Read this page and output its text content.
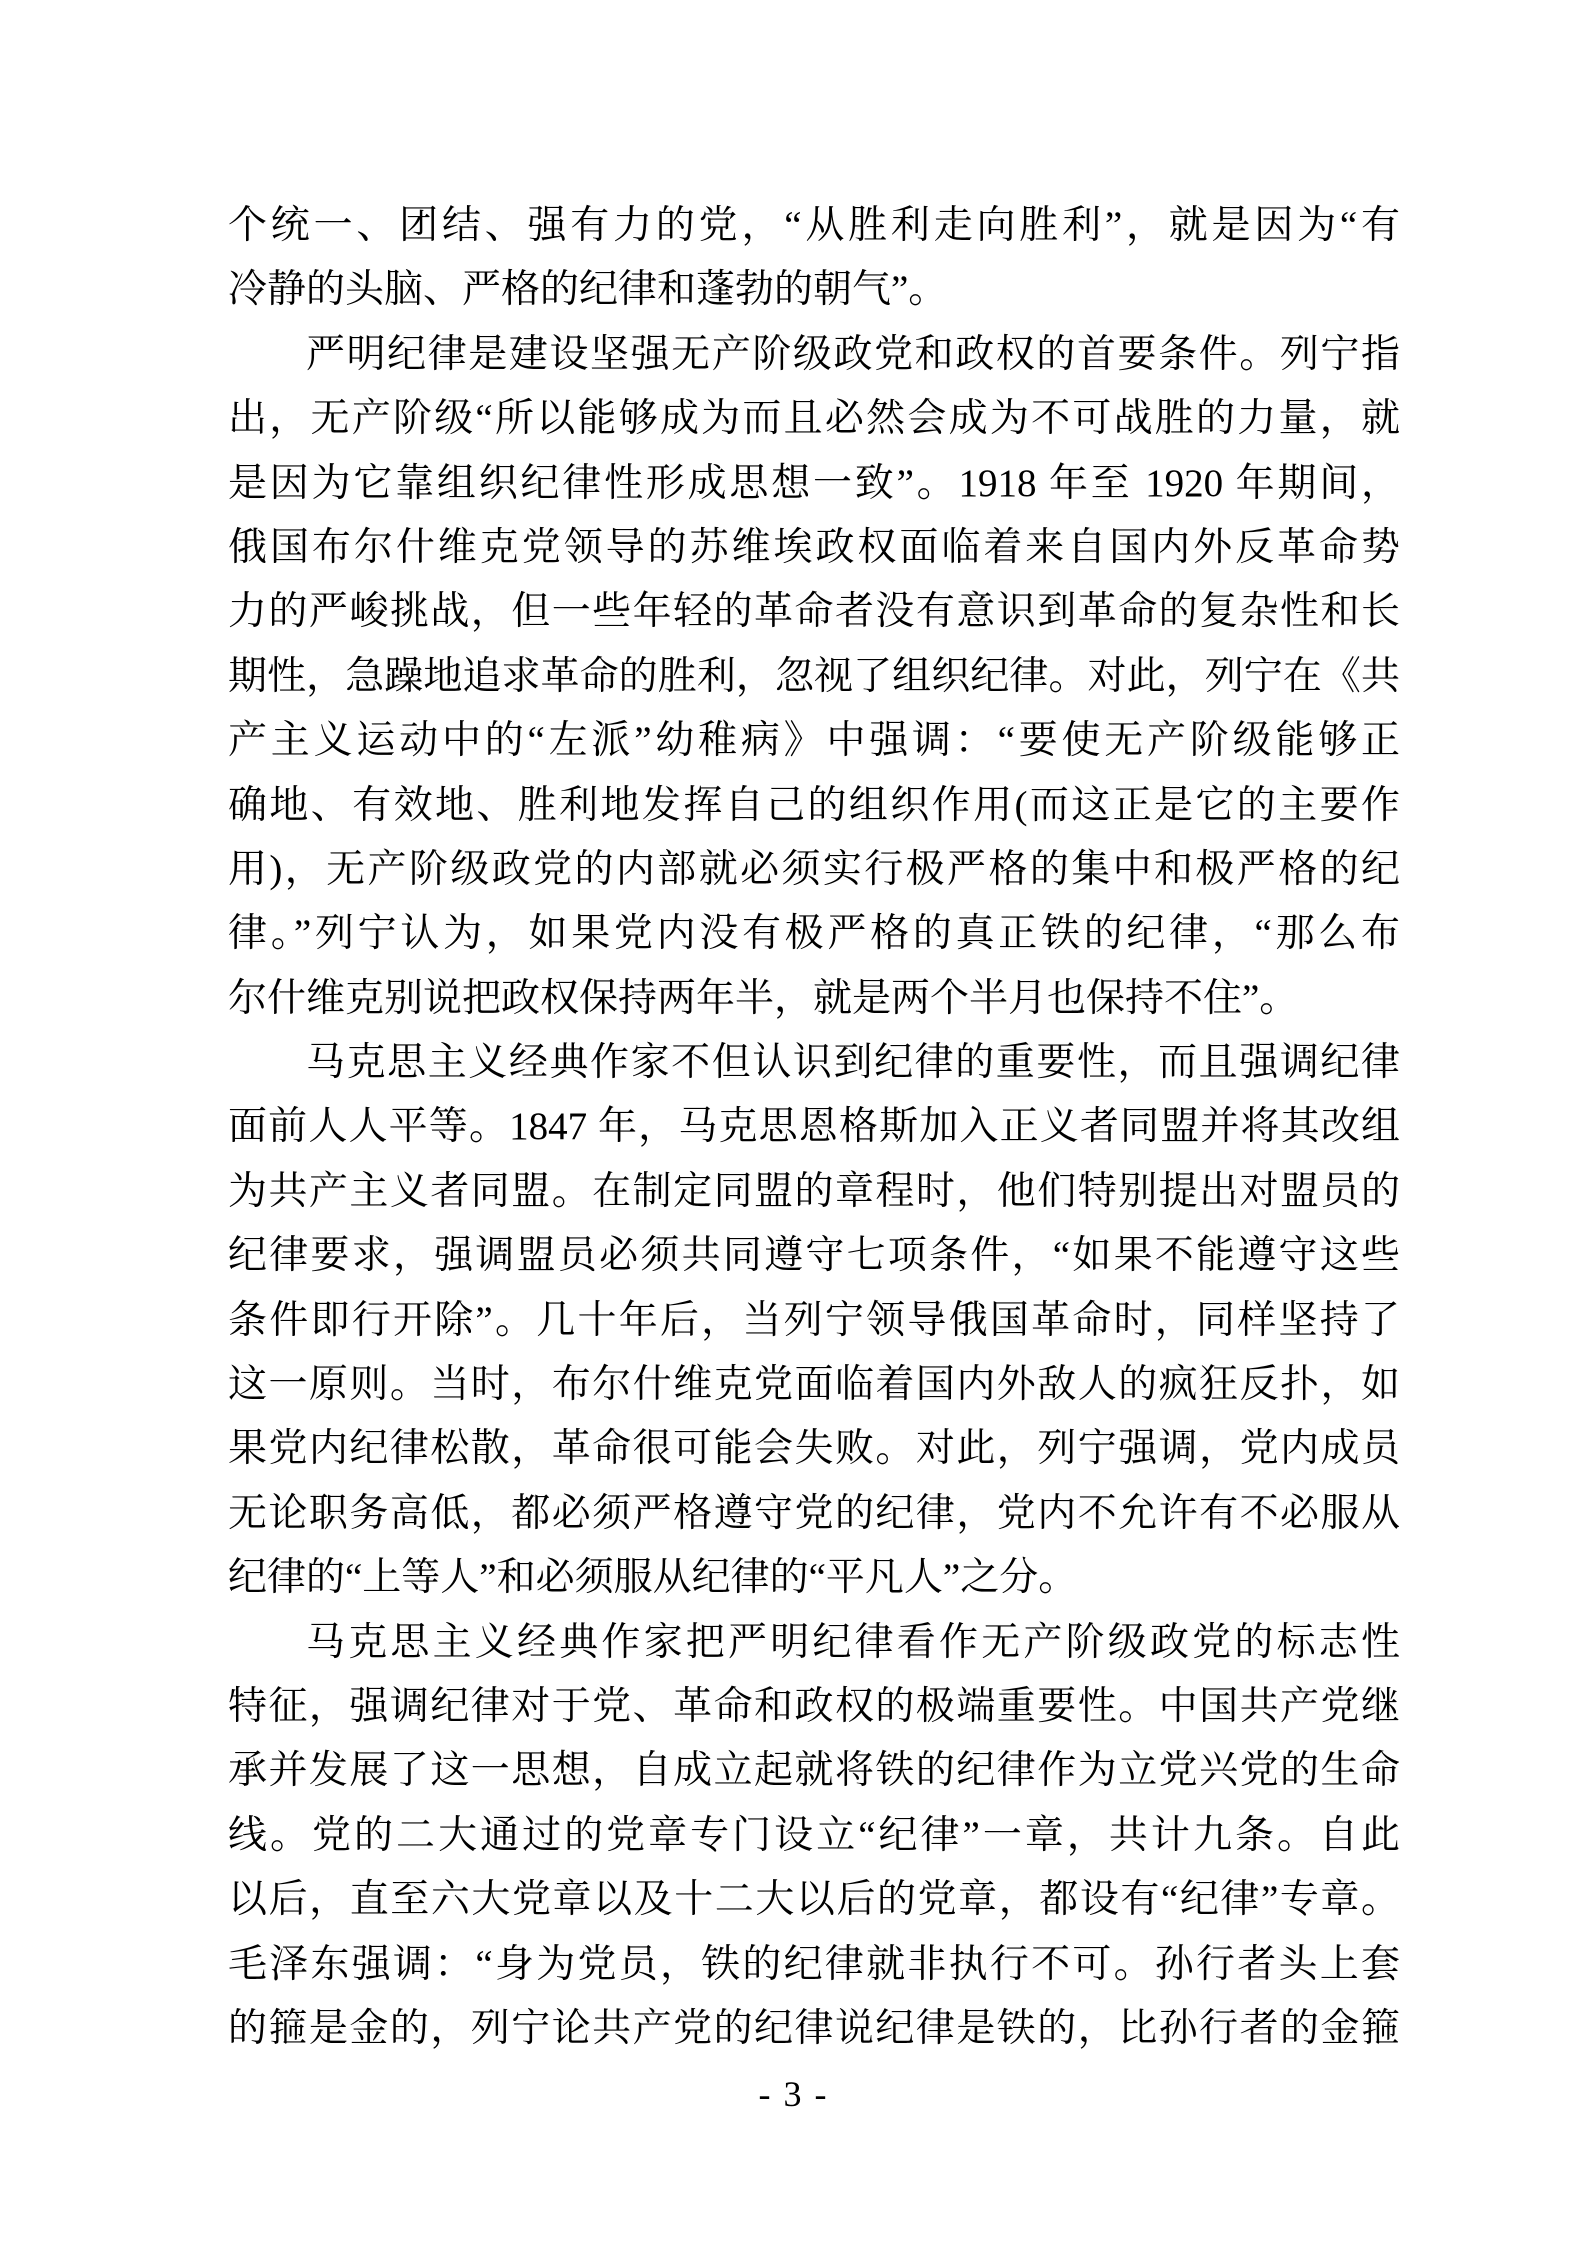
个统一、团结、强有力的党，“从胜利走向胜利”，就是因为“有
冷静的头脑、严格的纪律和蓬勃的朝气”。
严明纪律是建设坚强无产阶级政党和政权的首要条件。列宁指
出，无产阶级“所以能够成为而且必然会成为不可战胜的力量，就
是因为它靠组织纪律性形成思想一致”。1918 年至 1920 年期间，
俄国布尔什维克党领导的苏维埃政权面临着来自国内外反革命势
力的严峻挑战，但一些年轻的革命者没有意识到革命的复杂性和长
期性，急躁地追求革命的胜利，忽视了组织纪律。对此，列宁在《共
产主义运动中的“左派”幼稚病》中强调：“要使无产阶级能够正
确地、有效地、胜利地发挥自己的组织作用(而这正是它的主要作
用)，无产阶级政党的内部就必须实行极严格的集中和极严格的纪
律。”列宁认为，如果党内没有极严格的真正铁的纪律，“那么布
尔什维克别说把政权保持两年半，就是两个半月也保持不住”。
马克思主义经典作家不但认识到纪律的重要性，而且强调纪律
面前人人平等。1847 年，马克思恩格斯加入正义者同盟并将其改组
为共产主义者同盟。在制定同盟的章程时，他们特别提出对盟员的
纪律要求，强调盟员必须共同遵守七项条件，“如果不能遵守这些
条件即行开除”。几十年后，当列宁领导俄国革命时，同样坚持了
这一原则。当时，布尔什维克党面临着国内外敌人的疯狂反扑，如
果党内纪律松散，革命很可能会失败。对此，列宁强调，党内成员
无论职务高低，都必须严格遵守党的纪律，党内不允许有不必服从
纪律的“上等人”和必须服从纪律的“平凡人”之分。
马克思主义经典作家把严明纪律看作无产阶级政党的标志性
特征，强调纪律对于党、革命和政权的极端重要性。中国共产党继
承并发展了这一思想，自成立起就将铁的纪律作为立党兴党的生命
线。党的二大通过的党章专门设立“纪律”一章，共计九条。自此
以后，直至六大党章以及十二大以后的党章，都设有“纪律”专章。
毛泽东强调：“身为党员，铁的纪律就非执行不可。孙行者头上套
的箍是金的，列宁论共产党的纪律说纪律是铁的，比孙行者的金箍
- 3 -
